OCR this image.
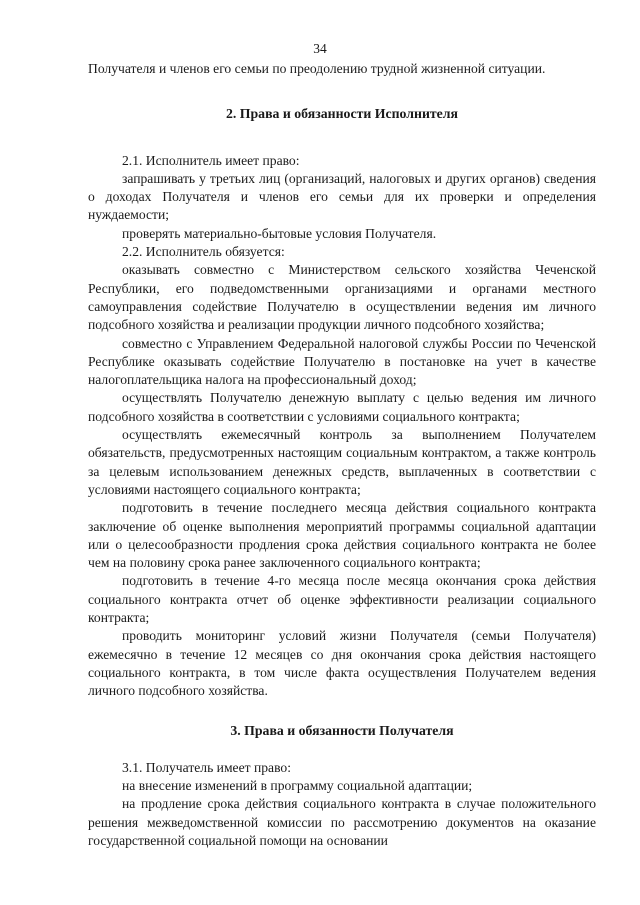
34

Получателя и членов его семьи по преодолению трудной жизненной ситуации.

2. Права и обязанности Исполнителя

2.1. Исполнитель имеет право:

запрашивать у третьих лиц (организаций, налоговых и других органов) сведения о доходах Получателя и членов его семьи для их проверки и определения нуждаемости;

проверять материально-бытовые условия Получателя.

2.2. Исполнитель обязуется:

оказывать совместно с Министерством сельского хозяйства Чеченской Республики, его подведомственными организациями и органами местного самоуправления содействие Получателю в осуществлении ведения им личного подсобного хозяйства и реализации продукции личного подсобного хозяйства;

совместно с Управлением Федеральной налоговой службы России по Чеченской Республике оказывать содействие Получателю в постановке на учет в качестве налогоплательщика налога на профессиональный доход;

осуществлять Получателю денежную выплату с целью ведения им личного подсобного хозяйства в соответствии с условиями социального контракта;

осуществлять ежемесячный контроль за выполнением Получателем обязательств, предусмотренных настоящим социальным контрактом, а также контроль за целевым использованием денежных средств, выплаченных в соответствии с условиями настоящего социального контракта;

подготовить в течение последнего месяца действия социального контракта заключение об оценке выполнения мероприятий программы социальной адаптации или о целесообразности продления срока действия социального контракта не более чем на половину срока ранее заключенного социального контракта;

подготовить в течение 4-го месяца после месяца окончания срока действия социального контракта отчет об оценке эффективности реализации социального контракта;

проводить мониторинг условий жизни Получателя (семьи Получателя) ежемесячно в течение 12 месяцев со дня окончания срока действия настоящего социального контракта, в том числе факта осуществления Получателем ведения личного подсобного хозяйства.

3. Права и обязанности Получателя

3.1. Получатель имеет право:

на внесение изменений в программу социальной адаптации;

на продление срока действия социального контракта в случае положительного решения межведомственной комиссии по рассмотрению документов на оказание государственной социальной помощи на основании
